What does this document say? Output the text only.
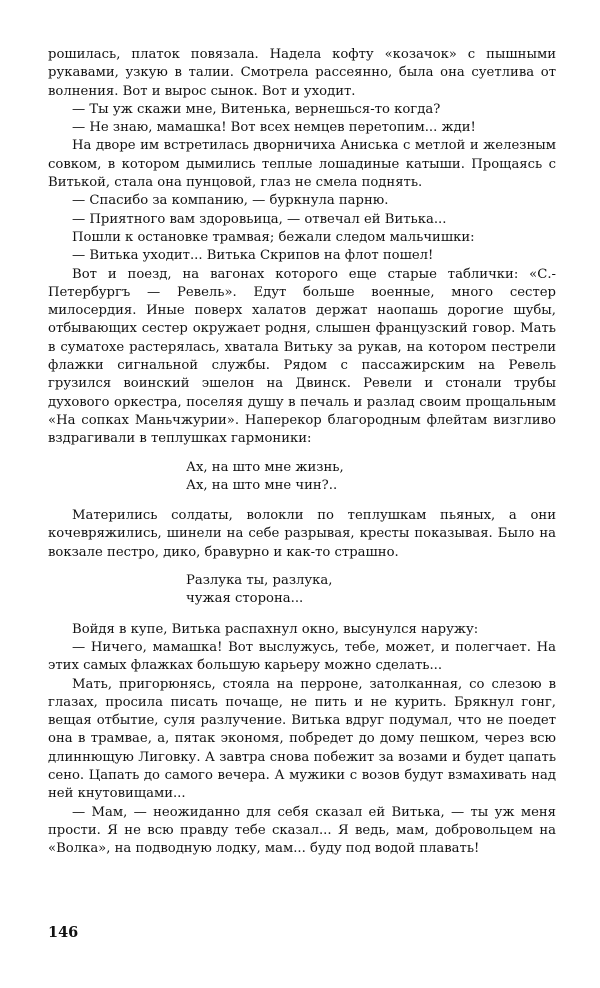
рошилась, платок повязала. Надела кофту «козачок» с пышными рукавами, узкую в талии. Смотрела рассеянно, была она суетлива от волнения. Вот и вырос сынок. Вот и уходит.

— Ты уж скажи мне, Витенька, вернешься-то когда?

— Не знаю, мамашка! Вот всех немцев перетопим... жди!

На дворе им встретилась дворничиха Аниська с метлой и железным совком, в котором дымились теплые лошадиные катыши. Прощаясь с Витькой, стала она пунцовой, глаз не смела поднять.

— Спасибо за компанию, — буркнула парню.

— Приятного вам здоровьица, — отвечал ей Витька...

Пошли к остановке трамвая; бежали следом мальчишки:

— Витька уходит... Витька Скрипов на флот пошел!

Вот и поезд, на вагонах которого еще старые таблички: «С.-Петербургъ — Ревель». Едут больше военные, много сестер милосердия. Иные поверх халатов держат наопашь дорогие шубы, отбывающих сестер окружает родня, слышен французский говор. Мать в суматохе растерялась, хватала Витьку за рукав, на котором пестрели флажки сигнальной службы. Рядом с пассажирским на Ревель грузился воинский эшелон на Двинск. Ревели и стонали трубы духового оркестра, поселяя душу в печаль и разлад своим прощальным «На сопках Маньчжурии». Наперекор благородным флейтам визгливо вздрагивали в теплушках гармоники:

Ах, на што мне жизнь,
Ах, на што мне чин?..

Матерились солдаты, волокли по теплушкам пьяных, а они кочевряжились, шинели на себе разрывая, кресты показывая. Было на вокзале пестро, дико, бравурно и как-то страшно.

Разлука ты, разлука,
чужая сторона...

Войдя в купе, Витька распахнул окно, высунулся наружу:

— Ничего, мамашка! Вот выслужусь, тебе, может, и полегчает. На этих самых флажках большую карьеру можно сделать...

Мать, пригорюнясь, стояла на перроне, затолканная, со слезою в глазах, просила писать почаще, не пить и не курить. Брякнул гонг, вещая отбытие, суля разлучение. Витька вдруг подумал, что не поедет она в трамвае, а, пятак экономя, побредет до дому пешком, через всю длиннющую Лиговку. А завтра снова побежит за возами и будет цапать сено. Цапать до самого вечера. А мужики с возов будут взмахивать над ней кнутовищами...

— Мам, — неожиданно для себя сказал ей Витька, — ты уж меня прости. Я не всю правду тебе сказал... Я ведь, мам, добровольцем на «Волка», на подводную лодку, мам... буду под водой плавать!

146
